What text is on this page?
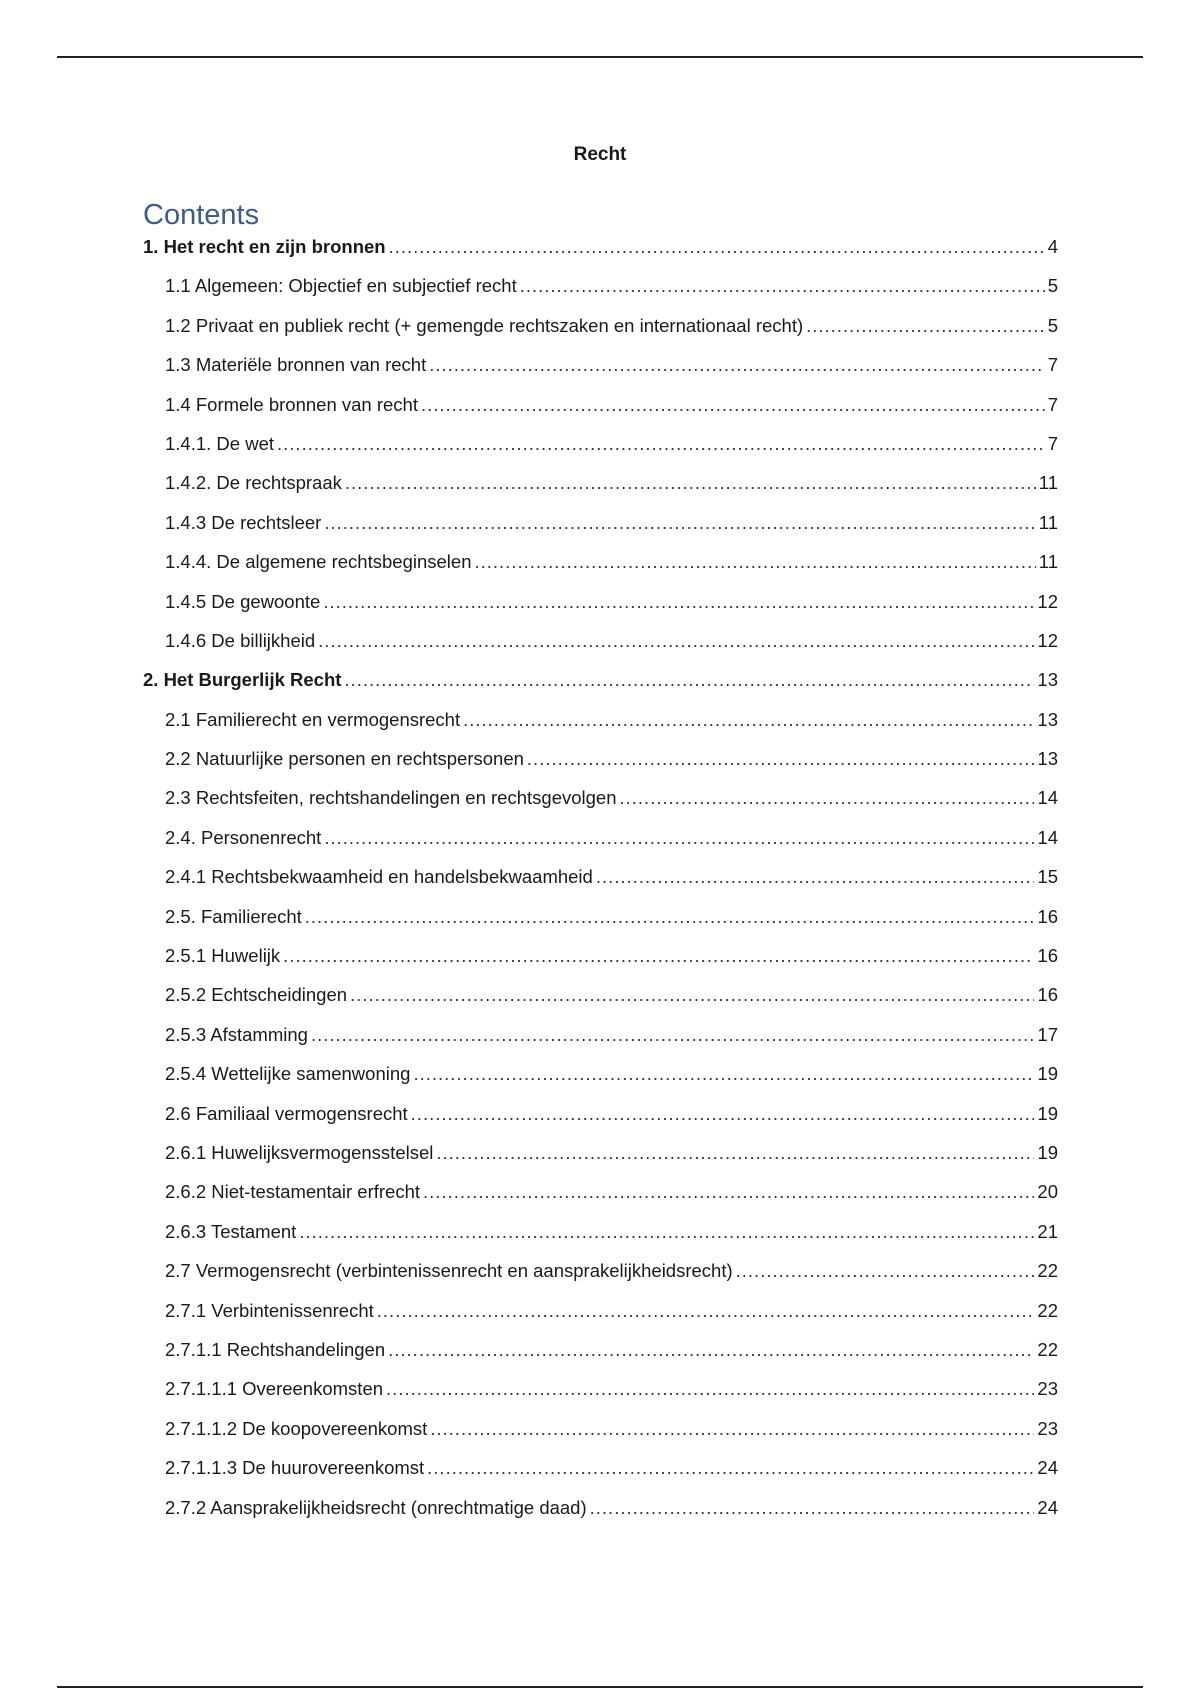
Recht
Contents
1. Het recht en zijn bronnen .....	4
1.1 Algemeen: Objectief en subjectief recht .....	5
1.2 Privaat en publiek recht (+ gemengde rechtszaken en internationaal recht) .....	5
1.3 Materiële bronnen van recht .....	7
1.4 Formele bronnen van recht .....	7
1.4.1. De wet .....	7
1.4.2. De rechtspraak .....	11
1.4.3 De rechtsleer .....	11
1.4.4. De algemene rechtsbeginselen .....	11
1.4.5 De gewoonte .....	12
1.4.6 De billijkheid .....	12
2. Het Burgerlijk Recht .....	13
2.1 Familierecht en vermogensrecht .....	13
2.2 Natuurlijke personen en rechtspersonen .....	13
2.3 Rechtsfeiten, rechtshandelingen en rechtsgevolgen .....	14
2.4. Personenrecht .....	14
2.4.1 Rechtsbekwaamheid en handelsbekwaamheid .....	15
2.5. Familierecht .....	16
2.5.1 Huwelijk .....	16
2.5.2 Echtscheidingen .....	16
2.5.3 Afstamming .....	17
2.5.4 Wettelijke samenwoning .....	19
2.6 Familiaal vermogensrecht .....	19
2.6.1 Huwelijksvermogensstelsel .....	19
2.6.2 Niet-testamentair erfrecht .....	20
2.6.3 Testament .....	21
2.7 Vermogensrecht (verbintenissenrecht en aansprakelijkheidsrecht) .....	22
2.7.1 Verbintenissenrecht .....	22
2.7.1.1 Rechtshandelingen .....	22
2.7.1.1.1 Overeenkomsten .....	23
2.7.1.1.2 De koopovereenkomst .....	23
2.7.1.1.3 De huurovereenkomst .....	24
2.7.2 Aansprakelijkheidsrecht (onrechtmatige daad) .....	24
